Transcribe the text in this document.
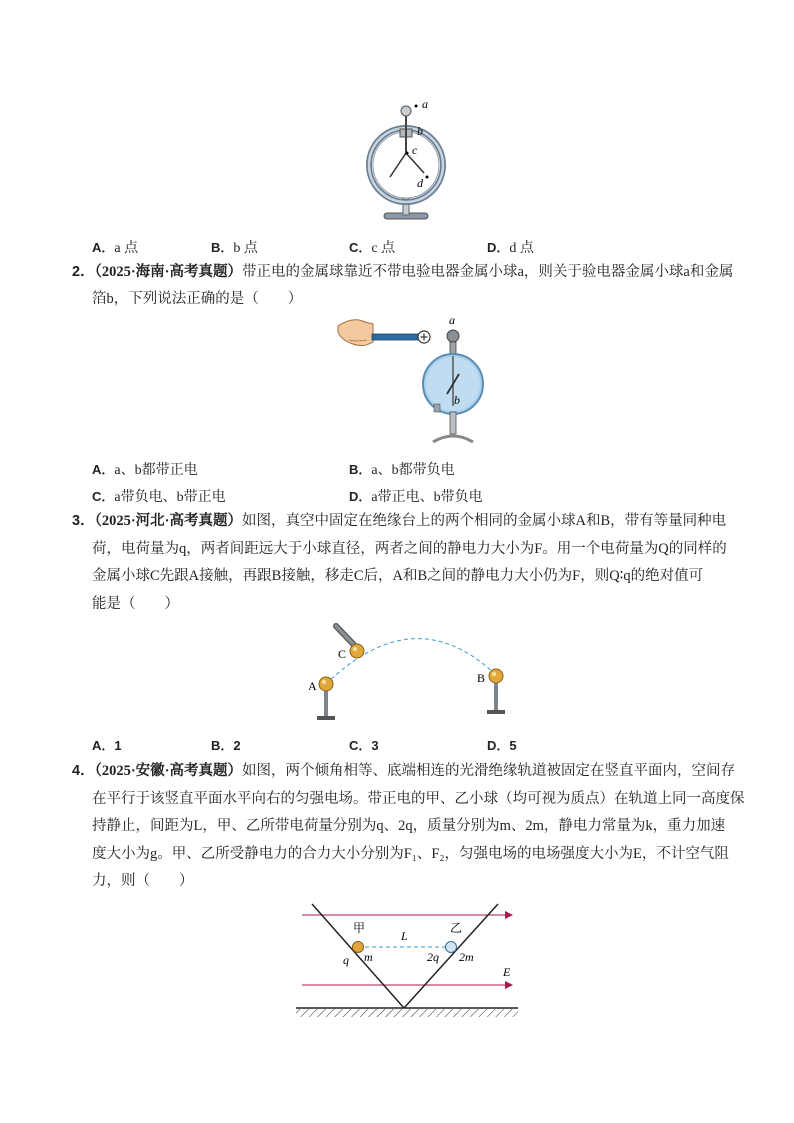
a
b
c
d
A．a 点	B．b 点	C．c 点	D．d 点
2．（2025·海南·高考真题）带正电的金属球靠近不带电验电器金属小球a，则关于验电器金属小球a和金属
箔b，下列说法正确的是（　　）
a
b
A．a、b都带正电	B．a、b都带负电
C．a带负电、b带正电	D．a带正电、b带负电
3．（2025·河北·高考真题）如图，真空中固定在绝缘台上的两个相同的金属小球A和B，带有等量同种电
荷，电荷量为q，两者间距远大于小球直径，两者之间的静电力大小为F。用一个电荷量为Q的同样的
金属小球C先跟A接触，再跟B接触，移走C后，A和B之间的静电力大小仍为F，则Q∶q的绝对值可
能是（　　）
A
B
C
A．1	B．2	C．3	D．5
4．（2025·安徽·高考真题）如图，两个倾角相等、底端相连的光滑绝缘轨道被固定在竖直平面内，空间存
在平行于该竖直平面水平向右的匀强电场。带正电的甲、乙小球（均可视为质点）在轨道上同一高度保
持静止，间距为L，甲、乙所带电荷量分别为q、2q，质量分别为m、2m，静电力常量为k，重力加速
度大小为g。甲、乙所受静电力的合力大小分别为F₁、F₂，匀强电场的电场强度大小为E，不计空气阻
力，则（　　）
甲	乙
L
q m	2q 2m
E
